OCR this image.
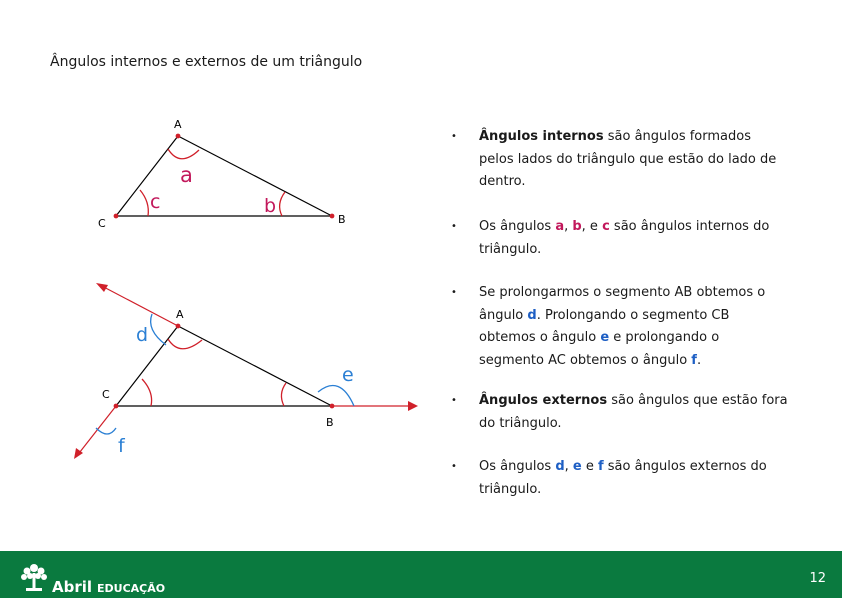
Ângulos internos e externos de um triângulo
A
C	B
a
c	b
A
C
B
d
e
f
• Ângulos internos são ângulos formados pelos lados do triângulo que estão do lado de dentro.

• Os ângulos a, b, e c são ângulos internos do triângulo.

• Se prolongarmos o segmento AB obtemos o ângulo d. Prolongando o segmento CB obtemos o ângulo e e prolongando o segmento AC obtemos o ângulo f.

• Ângulos externos são ângulos que estão fora do triângulo.

• Os ângulos d, e e f são ângulos externos do triângulo.

Abril EDUCAÇÃO
12
